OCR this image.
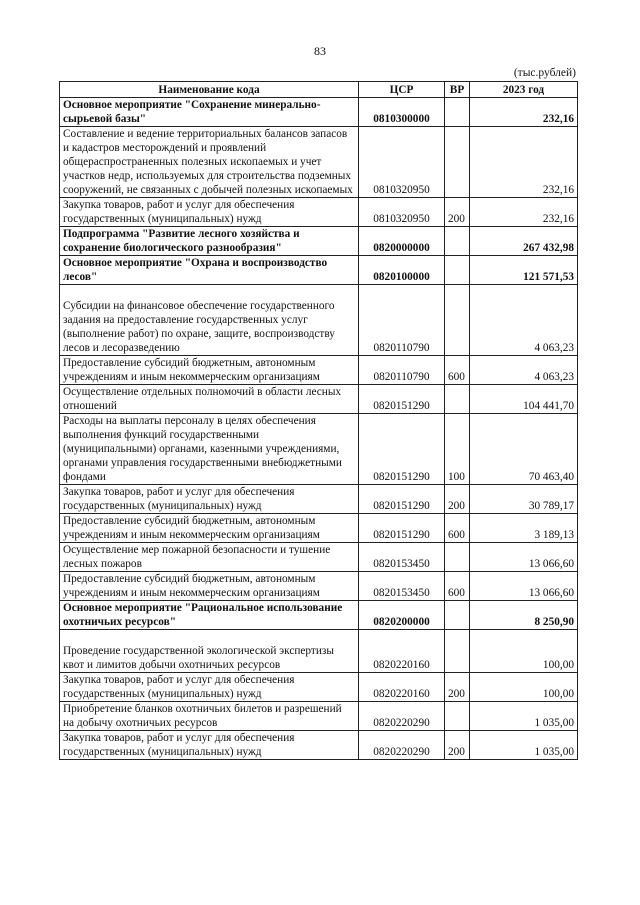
83
(тыс.рублей)
Наименование кода	ЦСР	ВР	2023 год
Основное мероприятие "Сохранение минерально-сырьевой базы"	0810300000		232,16
Составление и ведение территориальных балансов запасов и кадастров месторождений и проявлений общераспространенных полезных ископаемых и учет участков недр, используемых для строительства подземных сооружений, не связанных с добычей полезных ископаемых	0810320950		232,16
Закупка товаров, работ и услуг для обеспечения государственных (муниципальных) нужд	0810320950	200	232,16
Подпрограмма "Развитие лесного хозяйства и сохранение биологического разнообразия"	0820000000		267 432,98
Основное мероприятие "Охрана и воспроизводство лесов"	0820100000		121 571,53
Субсидии на финансовое обеспечение государственного задания на предоставление государственных услуг (выполнение работ) по охране, защите, воспроизводству лесов и лесоразведению	0820110790		4 063,23
Предоставление субсидий бюджетным, автономным учреждениям и иным некоммерческим организациям	0820110790	600	4 063,23
Осуществление отдельных полномочий в области лесных отношений	0820151290		104 441,70
Расходы на выплаты персоналу в целях обеспечения выполнения функций государственными (муниципальными) органами, казенными учреждениями, органами управления государственными внебюджетными фондами	0820151290	100	70 463,40
Закупка товаров, работ и услуг для обеспечения государственных (муниципальных) нужд	0820151290	200	30 789,17
Предоставление субсидий бюджетным, автономным учреждениям и иным некоммерческим организациям	0820151290	600	3 189,13
Осуществление мер пожарной безопасности и тушение лесных пожаров	0820153450		13 066,60
Предоставление субсидий бюджетным, автономным учреждениям и иным некоммерческим организациям	0820153450	600	13 066,60
Основное мероприятие "Рациональное использование охотничьих ресурсов"	0820200000		8 250,90
Проведение государственной экологической экспертизы квот и лимитов добычи охотничьих ресурсов	0820220160		100,00
Закупка товаров, работ и услуг для обеспечения государственных (муниципальных) нужд	0820220160	200	100,00
Приобретение бланков охотничьих билетов и разрешений на добычу охотничьих ресурсов	0820220290		1 035,00
Закупка товаров, работ и услуг для обеспечения государственных (муниципальных) нужд	0820220290	200	1 035,00
